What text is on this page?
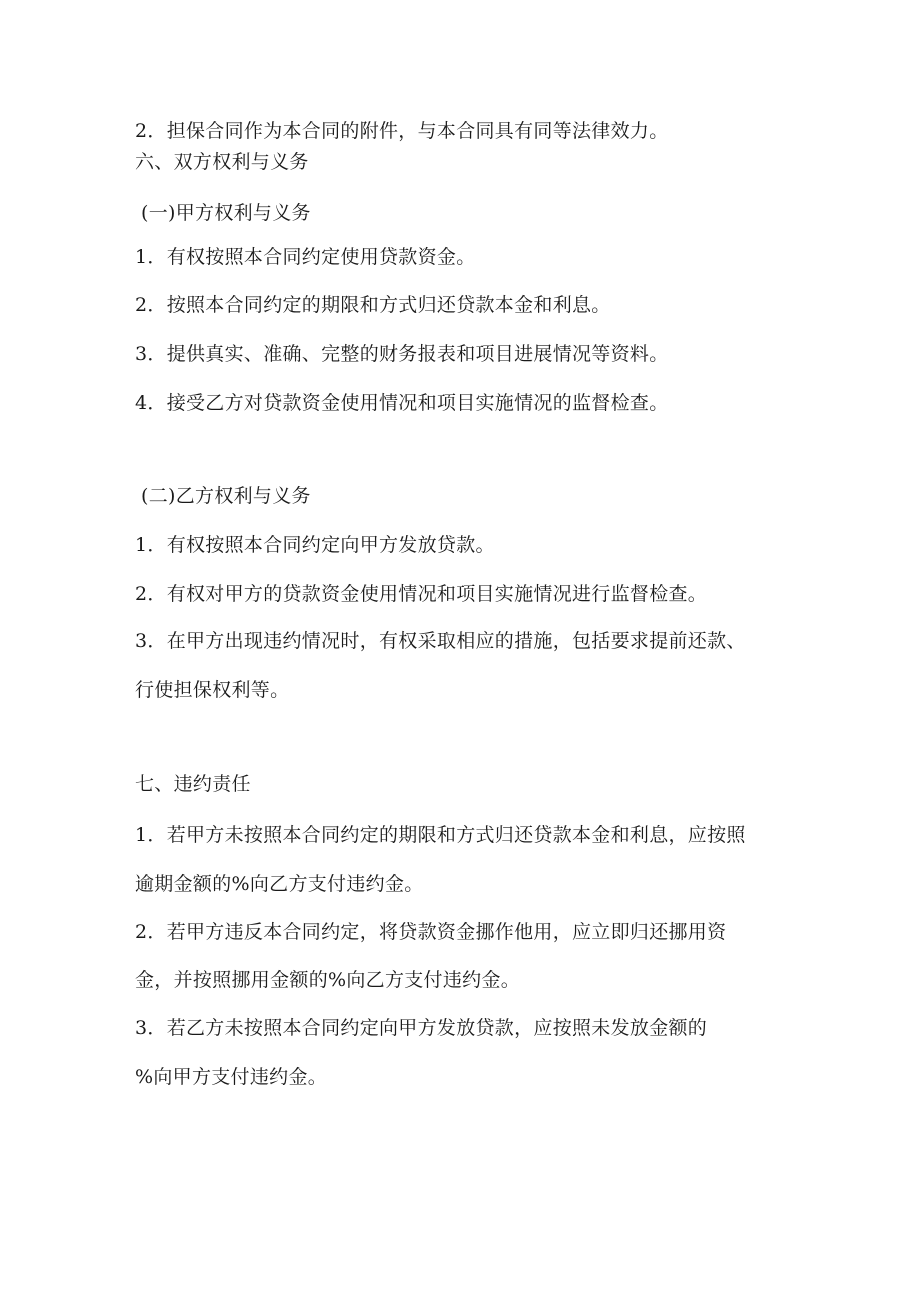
2．担保合同作为本合同的附件，与本合同具有同等法律效力。
六、双方权利与义务
(一)甲方权利与义务
1．有权按照本合同约定使用贷款资金。
2．按照本合同约定的期限和方式归还贷款本金和利息。
3．提供真实、准确、完整的财务报表和项目进展情况等资料。
4．接受乙方对贷款资金使用情况和项目实施情况的监督检查。
(二)乙方权利与义务
1．有权按照本合同约定向甲方发放贷款。
2．有权对甲方的贷款资金使用情况和项目实施情况进行监督检查。
3．在甲方出现违约情况时，有权采取相应的措施，包括要求提前还款、
行使担保权利等。
七、违约责任
1．若甲方未按照本合同约定的期限和方式归还贷款本金和利息，应按照
逾期金额的%向乙方支付违约金。
2．若甲方违反本合同约定，将贷款资金挪作他用，应立即归还挪用资
金，并按照挪用金额的%向乙方支付违约金。
3．若乙方未按照本合同约定向甲方发放贷款，应按照未发放金额的
%向甲方支付违约金。
